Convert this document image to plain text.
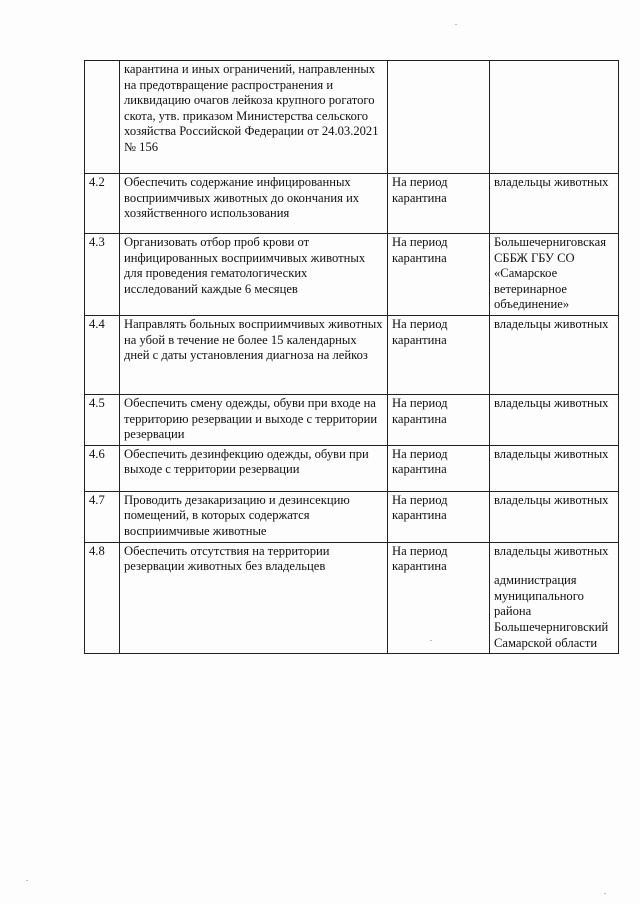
	карантина и иных ограничений, направленных на предотвращение распространения и ликвидацию очагов лейкоза крупного рогатого скота, утв. приказом Министерства сельского хозяйства Российской Федерации от 24.03.2021 № 156		
4.2	Обеспечить содержание инфицированных восприимчивых животных до окончания их хозяйственного использования	На период карантина	владельцы животных

4.3	Организовать отбор проб крови от инфицированных восприимчивых животных для проведения гематологических исследований каждые 6 месяцев	На период карантина	Большечерниговская СББЖ ГБУ СО «Самарское ветеринарное объединение»

4.4	Направлять больных восприимчивых животных на убой в течение не более 15 календарных дней с даты установления диагноза на лейкоз	На период карантина	владельцы животных

4.5	Обеспечить смену одежды, обуви при входе на территорию резервации и выходе с территории резервации	На период карантина	владельцы животных

4.6	Обеспечить дезинфекцию одежды, обуви при выходе с территории резервации	На период карантина	владельцы животных

4.7	Проводить дезакаризацию и дезинсекцию помещений, в которых содержатся восприимчивые животные	На период карантина	владельцы животных

4.8	Обеспечить отсутствия на территории резервации животных без владельцев	На период карантина	владельцы животных
администрация муниципального района Большечерниговский Самарской области
